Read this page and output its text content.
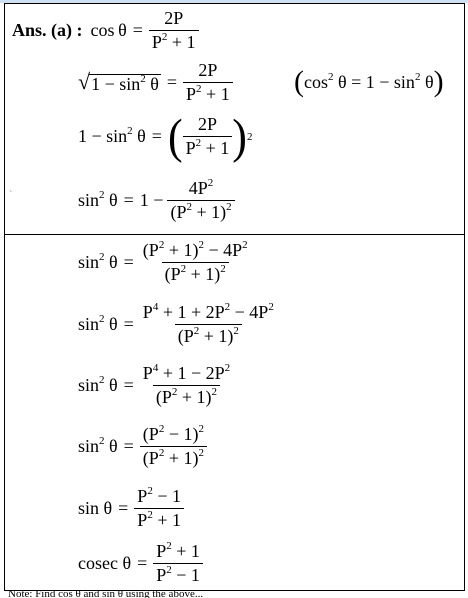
`
Ans. (a) : $\cos \theta = \frac{2P}{P^2 + 1}$
√ $1 - \sin^2 \theta = \frac{2P}{P^2 + 1}$ ( $\cos^2 \theta = 1 - \sin^2 \theta$ )
$1 - \sin^2 \theta$ = ( $\frac{2P}{P^2 + 1}$ ) 2
$\sin^2 \theta = 1 - \frac{4P^2}{(P^2 + 1)^2}$
$\sin^2 \theta = \frac{(P^2 + 1)^2 - 4P^2}{(P^2 + 1)^2}$
$\sin^2 \theta = \frac{P^4 + 1 + 2P^2 - 4P^2}{(P^2 + 1)^2}$
$\sin^2 \theta = \frac{P^4 + 1 - 2P^2}{(P^2 + 1)^2}$
$\sin^2 \theta = \frac{(P^2 - 1)^2}{(P^2 + 1)^2}$
$\sin \theta = \frac{P^2 - 1}{P^2 + 1}$
cosec $\theta = \frac{P^2 + 1}{P^2 - 1}$
Note: Find cos θ and sin θ using the above...
